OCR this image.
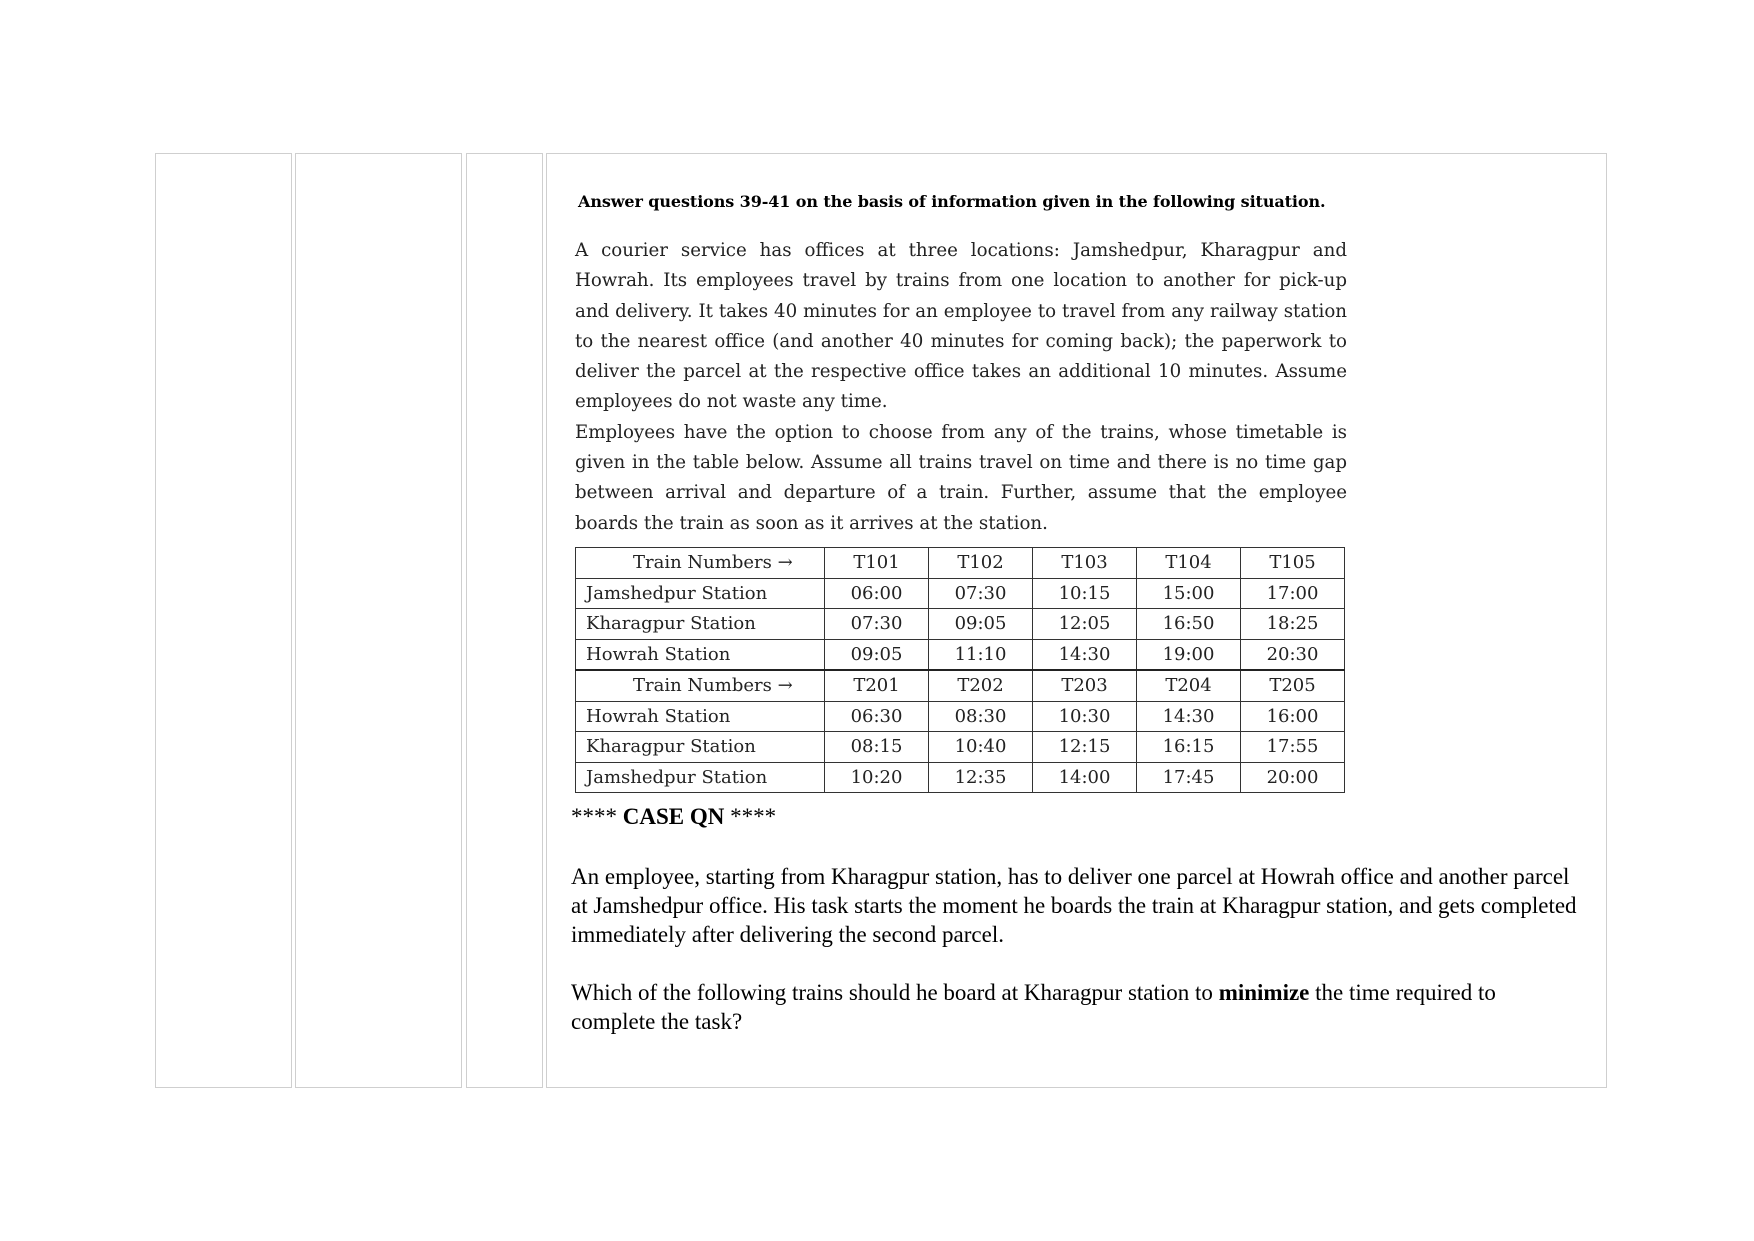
Answer questions 39-41 on the basis of information given in the following situation.

A courier service has offices at three locations: Jamshedpur, Kharagpur and Howrah. Its employees travel by trains from one location to another for pick-up and delivery. It takes 40 minutes for an employee to travel from any railway station to the nearest office (and another 40 minutes for coming back); the paperwork to deliver the parcel at the respective office takes an additional 10 minutes. Assume employees do not waste any time.

Employees have the option to choose from any of the trains, whose timetable is given in the table below. Assume all trains travel on time and there is no time gap between arrival and departure of a train. Further, assume that the employee boards the train as soon as it arrives at the station.

Train Numbers →	T101	T102	T103	T104	T105
Jamshedpur Station	06:00	07:30	10:15	15:00	17:00
Kharagpur Station	07:30	09:05	12:05	16:50	18:25
Howrah Station	09:05	11:10	14:30	19:00	20:30
Train Numbers →	T201	T202	T203	T204	T205
Howrah Station	06:30	08:30	10:30	14:30	16:00
Kharagpur Station	08:15	10:40	12:15	16:15	17:55
Jamshedpur Station	10:20	12:35	14:00	17:45	20:00
**** CASE QN ****

An employee, starting from Kharagpur station, has to deliver one parcel at Howrah office and another parcel at Jamshedpur office. His task starts the moment he boards the train at Kharagpur station, and gets completed immediately after delivering the second parcel.

Which of the following trains should he board at Kharagpur station to minimize the time required to complete the task?
